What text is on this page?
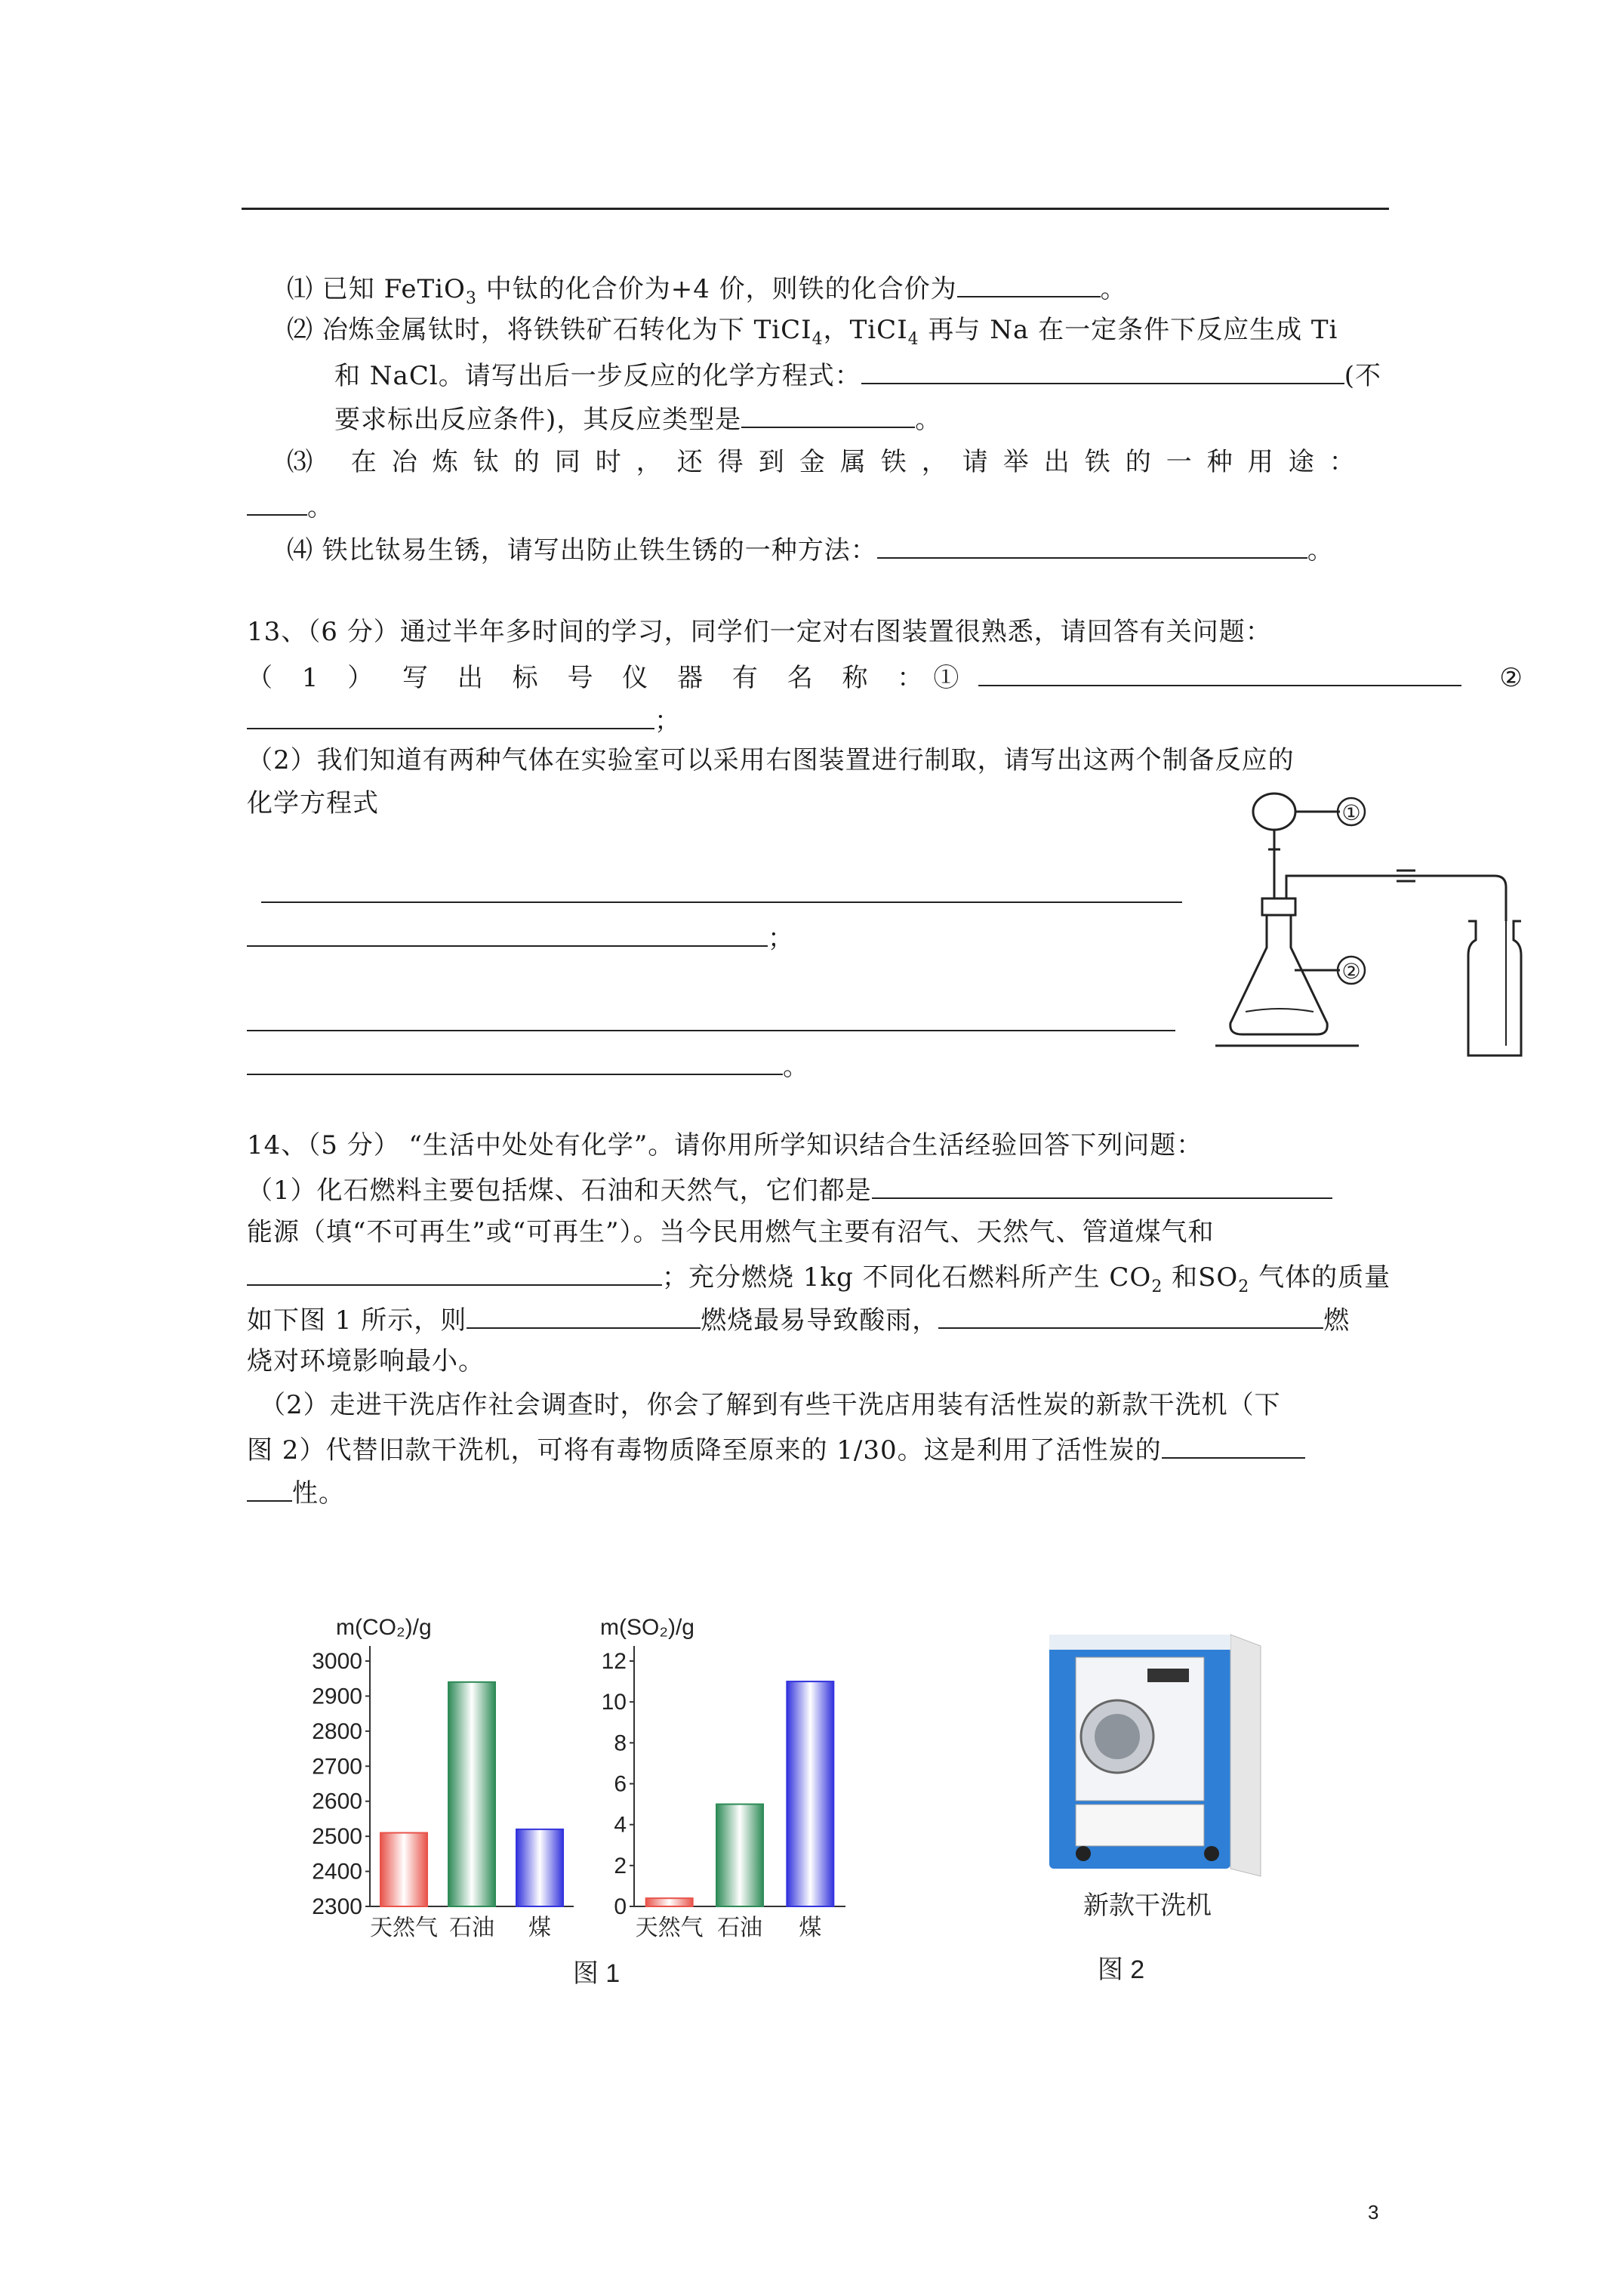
⑴ 已知 FeTiO$_3$ 中钛的化合价为+4 价，则铁的化合价为	。
⑵ 冶炼金属钛时，将铁铁矿石转化为下 TiCI$_4$，TiCI$_4$ 再与 Na 在一定条件下反应生成 Ti
和 NaCl。请写出后一步反应的化学方程式：	(不
要求标出反应条件)，其反应类型是	。
⑶ 在冶炼钛的同时，还得到金属铁，请举出铁的一种用途：
。
⑷ 铁比钛易生锈，请写出防止铁生锈的一种方法：	。
13、（6 分）通过半年多时间的学习，同学们一定对右图装置很熟悉，请回答有关问题：
（ 1 ） 写 出 标 号 仪 器 有 名 称 ：①	②
；
（2）我们知道有两种气体在实验室可以采用右图装置进行制取，请写出这两个制备反应的
化学方程式
；
。
①
②
14、（5 分） “生活中处处有化学”。请你用所学知识结合生活经验回答下列问题：
（1）化石燃料主要包括煤、石油和天然气，它们都是
能源（填“不可再生”或“可再生”）。当今民用燃气主要有沼气、天然气、管道煤气和
；充分燃烧 1kg 不同化石燃料所产生 $CO_2$ 和$SO_2$ 气体的质量
如下图 1 所示，则	燃烧最易导致酸雨，	燃
烧对环境影响最小。
（2）走进干洗店作社会调查时，你会了解到有些干洗店用装有活性炭的新款干洗机（下
图 2）代替旧款干洗机，可将有毒物质降至原来的 1/30。这是利用了活性炭的
性。
m(CO₂)/g
3000
2900
2800
2700
2600
2500
2400
2300
天然气 石油 煤
m(SO₂)/g
12
10
8
6
4
2
0
天然气 石油 煤
图 1
新款干洗机
图 2
3
